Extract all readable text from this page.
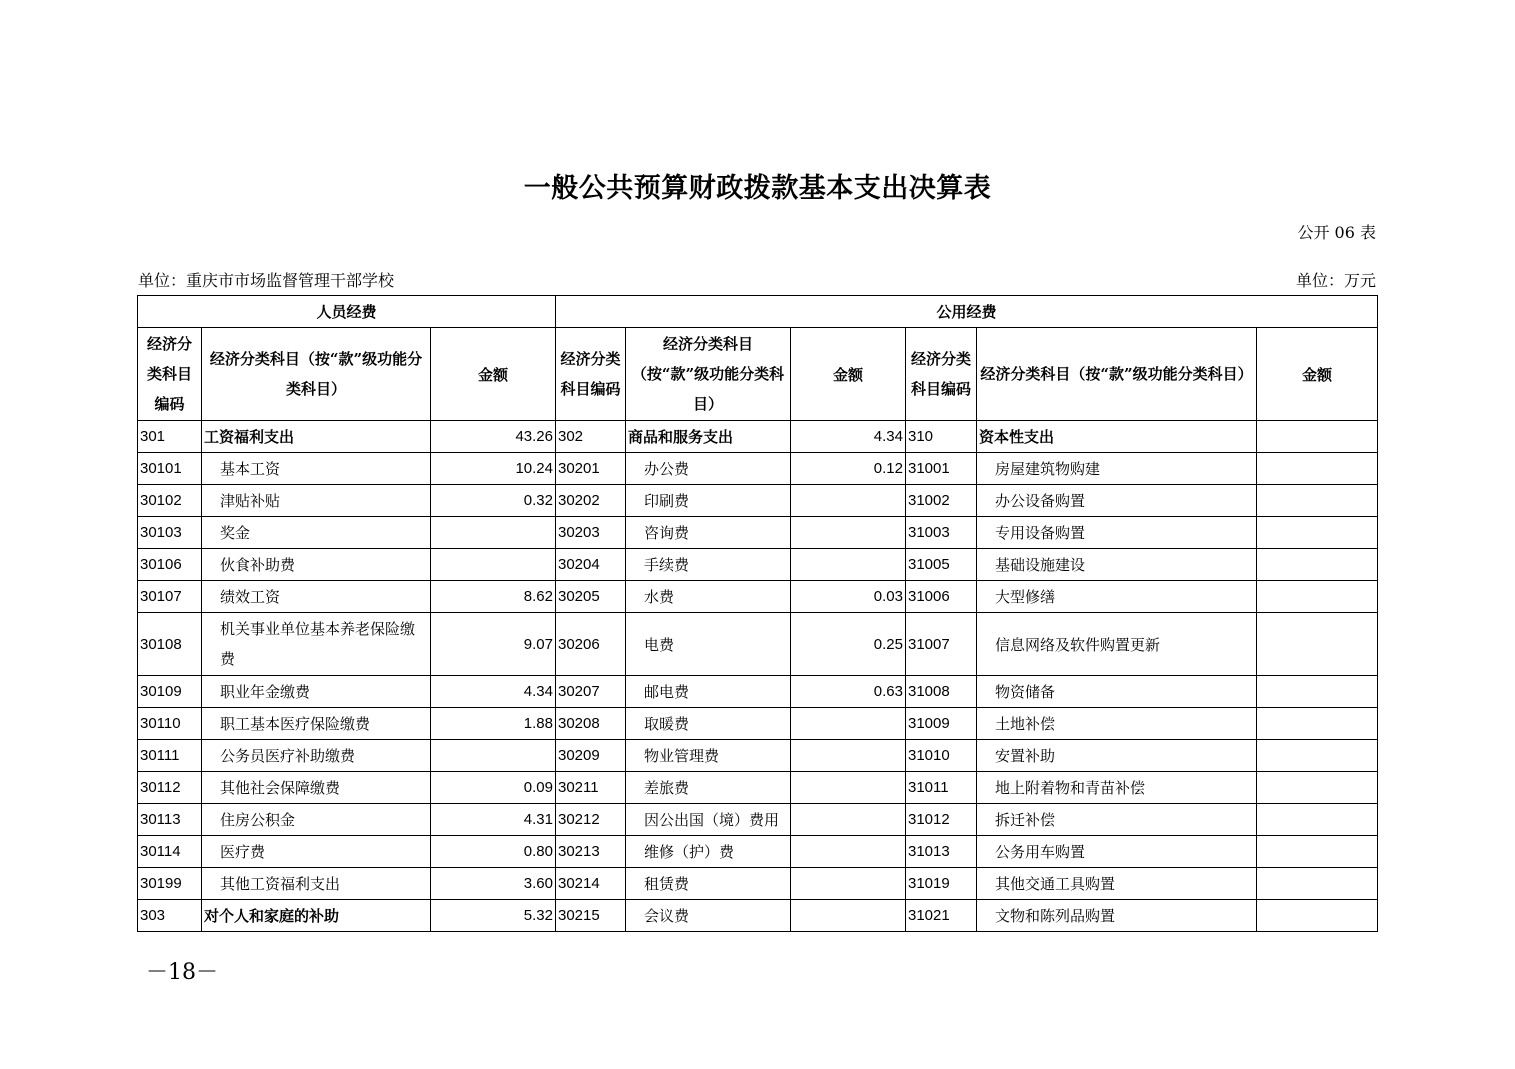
一般公共预算财政拨款基本支出决算表
公开 06 表
单位：重庆市市场监督管理干部学校	单位：万元
人员经费			公用经费					
经济分类科目编码	经济分类科目（按“款”级功能分类科目）	金额	经济分类科目编码	经济分类科目（按“款”级功能分类科目）	金额	经济分类科目编码	经济分类科目（按“款”级功能分类科目）	金额
301	工资福利支出	43.26	302	商品和服务支出	4.34	310	资本性支出	
30101	基本工资	10.24	30201	办公费	0.12	31001	房屋建筑物购建	
30102	津贴补贴	0.32	30202	印刷费		31002	办公设备购置	
30103	奖金		30203	咨询费		31003	专用设备购置	
30106	伙食补助费		30204	手续费		31005	基础设施建设	
30107	绩效工资	8.62	30205	水费	0.03	31006	大型修缮	
30108	机关事业单位基本养老保险缴费	9.07	30206	电费	0.25	31007	信息网络及软件购置更新	
30109	职业年金缴费	4.34	30207	邮电费	0.63	31008	物资储备	
30110	职工基本医疗保险缴费	1.88	30208	取暖费		31009	土地补偿	
30111	公务员医疗补助缴费		30209	物业管理费		31010	安置补助	
30112	其他社会保障缴费	0.09	30211	差旅费		31011	地上附着物和青苗补偿	
30113	住房公积金	4.31	30212	因公出国（境）费用		31012	拆迁补偿	
30114	医疗费	0.80	30213	维修（护）费		31013	公务用车购置	
30199	其他工资福利支出	3.60	30214	租赁费		31019	其他交通工具购置	
303	对个人和家庭的补助	5.32	30215	会议费		31021	文物和陈列品购置	
－18－
